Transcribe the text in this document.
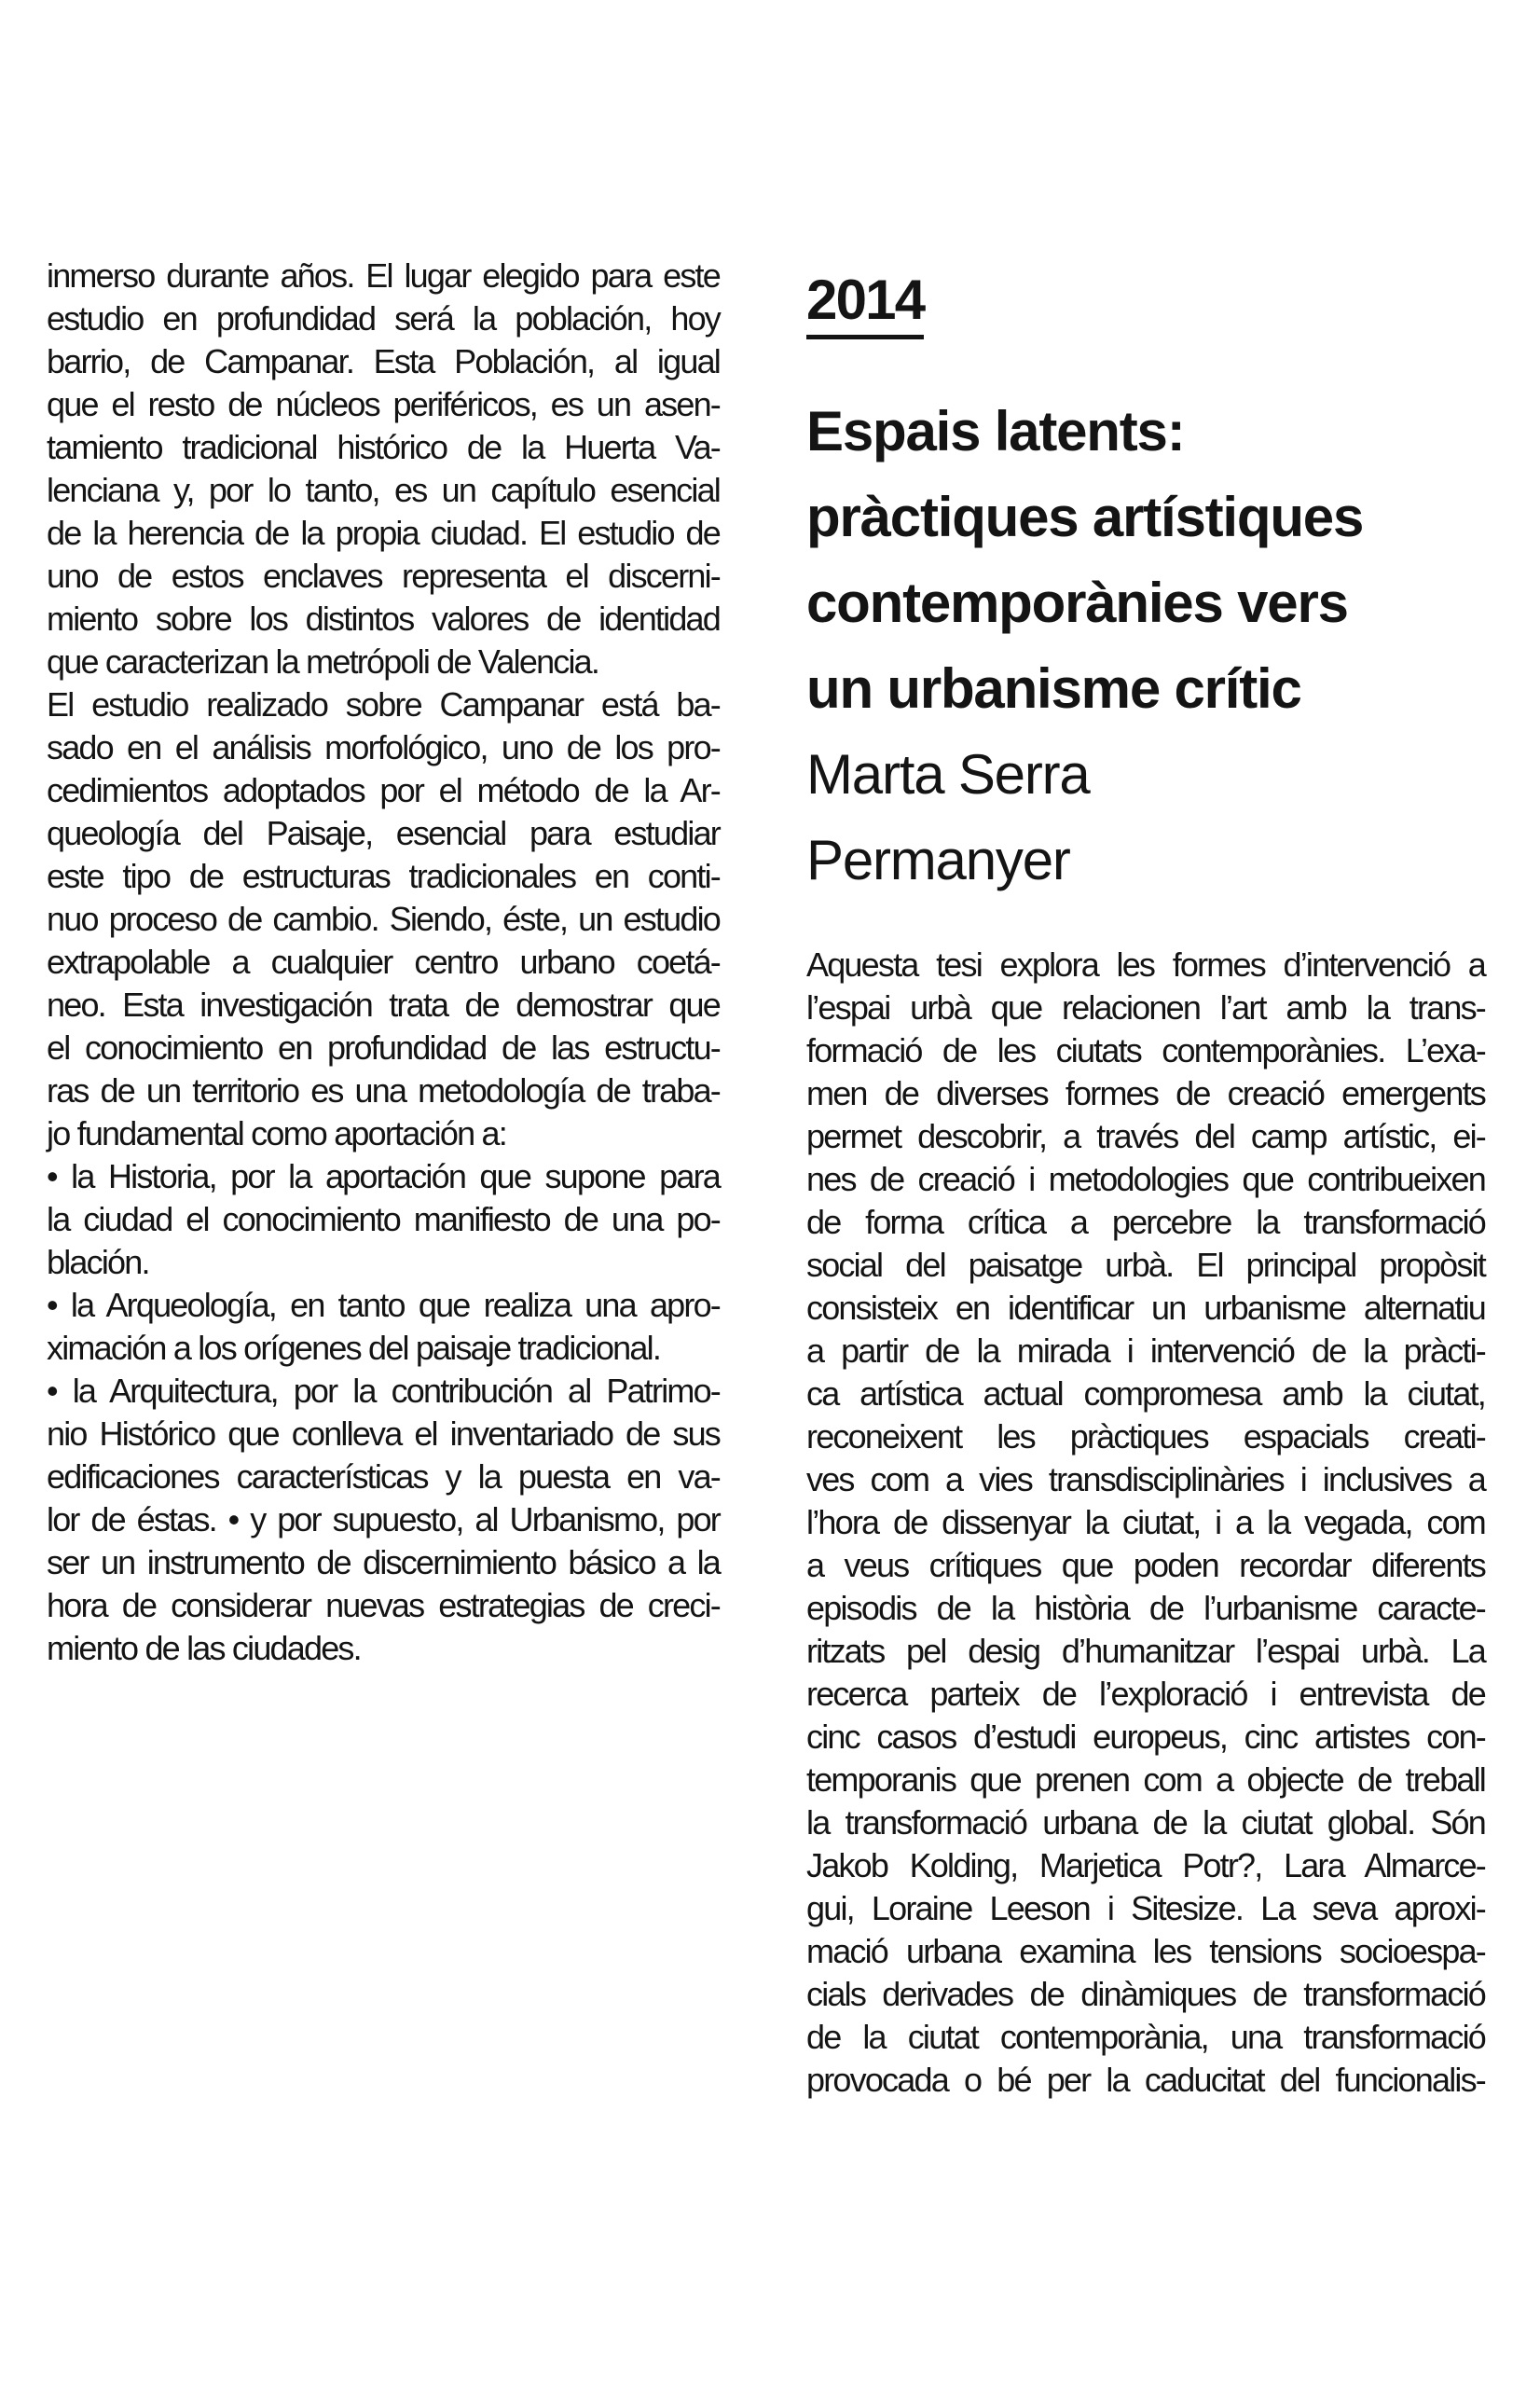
inmerso durante años. El lugar elegido para este
estudio en profundidad será la población, hoy
barrio, de Campanar. Esta Población, al igual
que el resto de núcleos periféricos, es un asen-
tamiento tradicional histórico de la Huerta Va-
lenciana y, por lo tanto, es un capítulo esencial
de la herencia de la propia ciudad. El estudio de
uno de estos enclaves representa el discerni-
miento sobre los distintos valores de identidad
que caracterizan la metrópoli de Valencia.
El estudio realizado sobre Campanar está ba-
sado en el análisis morfológico, uno de los pro-
cedimientos adoptados por el método de la Ar-
queología del Paisaje, esencial para estudiar
este tipo de estructuras tradicionales en conti-
nuo proceso de cambio. Siendo, éste, un estudio
extrapolable a cualquier centro urbano coetá-
neo. Esta investigación trata de demostrar que
el conocimiento en profundidad de las estructu-
ras de un territorio es una metodología de traba-
jo fundamental como aportación a:
• la Historia, por la aportación que supone para
la ciudad el conocimiento manifiesto de una po-
blación.
• la Arqueología, en tanto que realiza una apro-
ximación a los orígenes del paisaje tradicional.
• la Arquitectura, por la contribución al Patrimo-
nio Histórico que conlleva el inventariado de sus
edificaciones características y la puesta en va-
lor de éstas. • y por supuesto, al Urbanismo, por
ser un instrumento de discernimiento básico a la
hora de considerar nuevas estrategias de creci-
miento de las ciudades.
2014
Espais latents:
pràctiques artístiques
contemporànies vers
un urbanisme crític
Marta Serra
Permanyer
Aquesta tesi explora les formes d’intervenció a
l’espai urbà que relacionen l’art amb la trans-
formació de les ciutats contemporànies. L’exa-
men de diverses formes de creació emergents
permet descobrir, a través del camp artístic, ei-
nes de creació i metodologies que contribueixen
de forma crítica a percebre la transformació
social del paisatge urbà. El principal propòsit
consisteix en identificar un urbanisme alternatiu
a partir de la mirada i intervenció de la pràcti-
ca artística actual compromesa amb la ciutat,
reconeixent les pràctiques espacials creati-
ves com a vies transdisciplinàries i inclusives a
l’hora de dissenyar la ciutat, i a la vegada, com
a veus crítiques que poden recordar diferents
episodis de la història de l’urbanisme caracte-
ritzats pel desig d’humanitzar l’espai urbà. La
recerca parteix de l’exploració i entrevista de
cinc casos d’estudi europeus, cinc artistes con-
temporanis que prenen com a objecte de treball
la transformació urbana de la ciutat global. Són
Jakob Kolding, Marjetica Potr?, Lara Almarce-
gui, Loraine Leeson i Sitesize. La seva aproxi-
mació urbana examina les tensions socioespa-
cials derivades de dinàmiques de transformació
de la ciutat contemporània, una transformació
provocada o bé per la caducitat del funcionalis-
